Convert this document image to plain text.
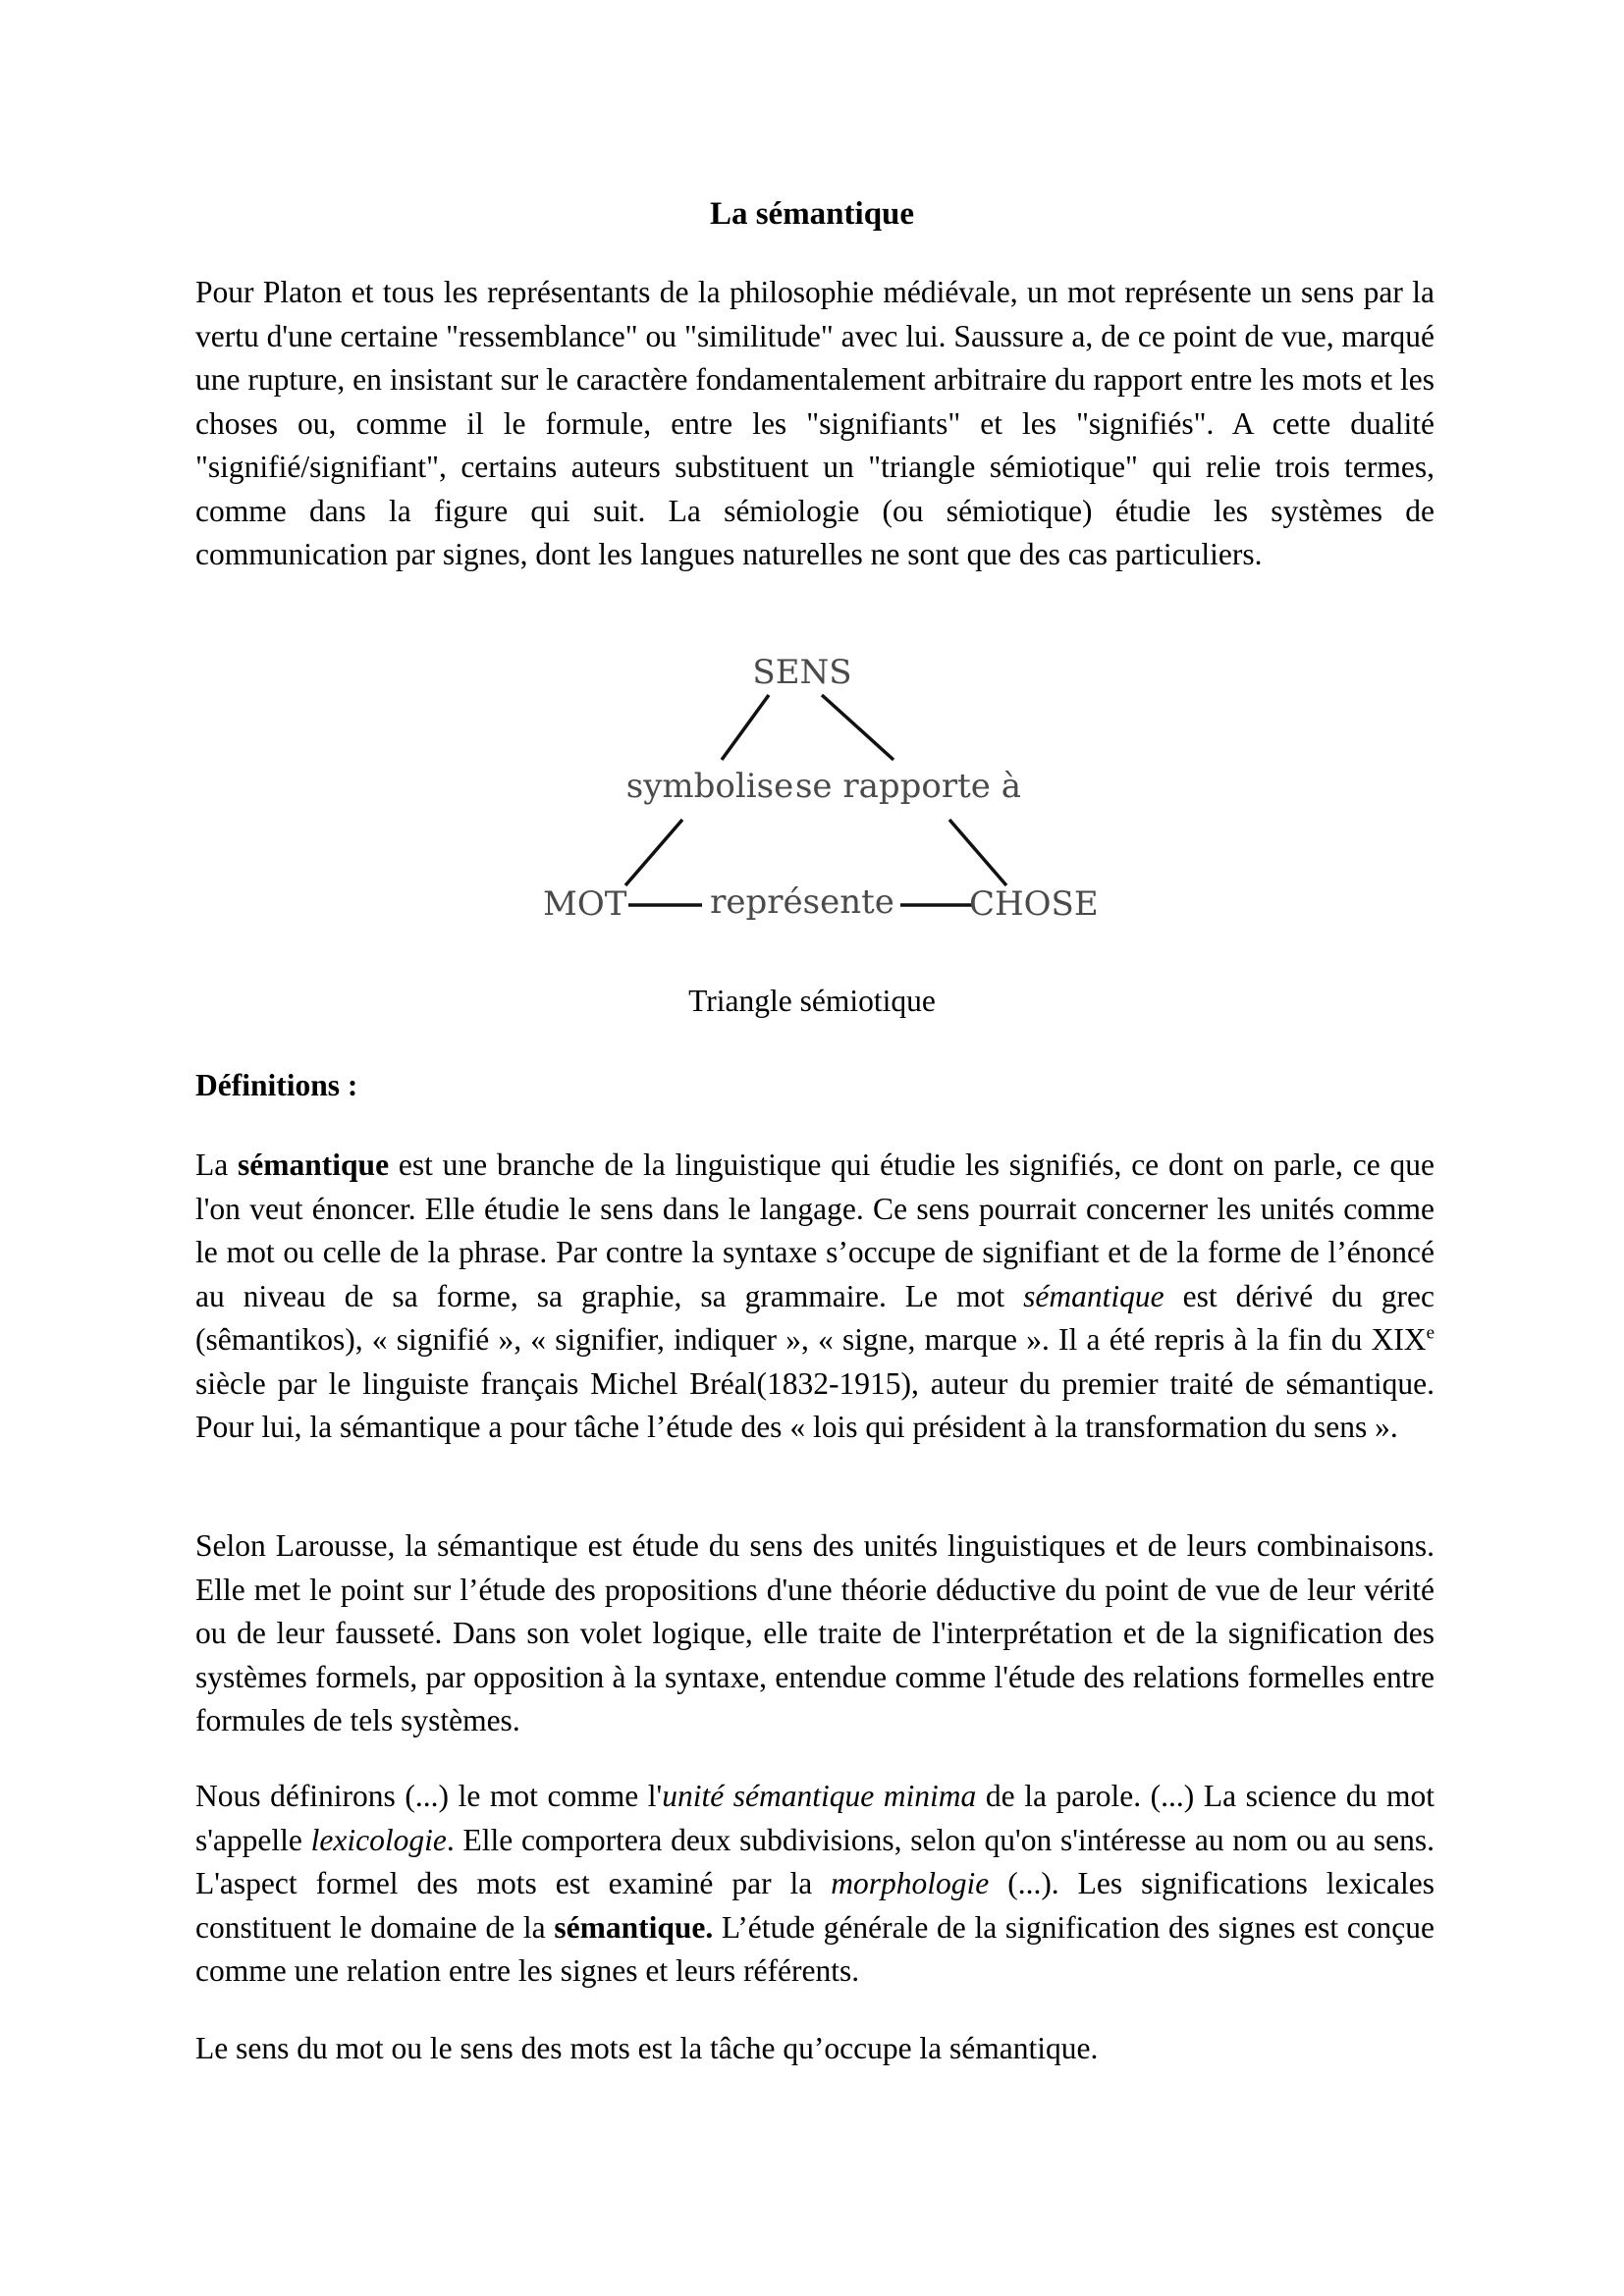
La sémantique

Pour Platon et tous les représentants de la philosophie médiévale, un mot représente un sens par la vertu d'une certaine "ressemblance" ou "similitude" avec lui. Saussure a, de ce point de vue, marqué une rupture, en insistant sur le caractère fondamentalement arbitraire du rapport entre les mots et les choses ou, comme il le formule, entre les "signifiants" et les "signifiés". A cette dualité "signifié/signifiant", certains auteurs substituent un "triangle sémiotique" qui relie trois termes, comme dans la figure qui suit. La sémiologie (ou sémiotique) étudie les systèmes de communication par signes, dont les langues naturelles ne sont que des cas particuliers.

SENS
symbolise se rapporte à
MOT représente CHOSE
Triangle sémiotique
Définitions :

La sémantique est une branche de la linguistique qui étudie les signifiés, ce dont on parle, ce que l'on veut énoncer. Elle étudie le sens dans le langage. Ce sens pourrait concerner les unités comme le mot ou celle de la phrase. Par contre la syntaxe s’occupe de signifiant et de la forme de l’énoncé au niveau de sa forme, sa graphie, sa grammaire. Le mot sémantique est dérivé du grec (sêmantikos), « signifié », « signifier, indiquer », « signe, marque ». Il a été repris à la fin du XIXe siècle par le linguiste français Michel Bréal(1832-1915), auteur du premier traité de sémantique. Pour lui, la sémantique a pour tâche l’étude des « lois qui président à la transformation du sens ».

Selon Larousse, la sémantique est étude du sens des unités linguistiques et de leurs combinaisons. Elle met le point sur l’étude des propositions d'une théorie déductive du point de vue de leur vérité ou de leur fausseté. Dans son volet logique, elle traite de l'interprétation et de la signification des systèmes formels, par opposition à la syntaxe, entendue comme l'étude des relations formelles entre formules de tels systèmes.

Nous définirons (...) le mot comme l'unité sémantique minima de la parole. (...) La science du mot s'appelle lexicologie. Elle comportera deux subdivisions, selon qu'on s'intéresse au nom ou au sens. L'aspect formel des mots est examiné par la morphologie (...). Les significations lexicales constituent le domaine de la sémantique. L’étude générale de la signification des signes est conçue comme une relation entre les signes et leurs référents.

Le sens du mot ou le sens des mots est la tâche qu’occupe la sémantique.
